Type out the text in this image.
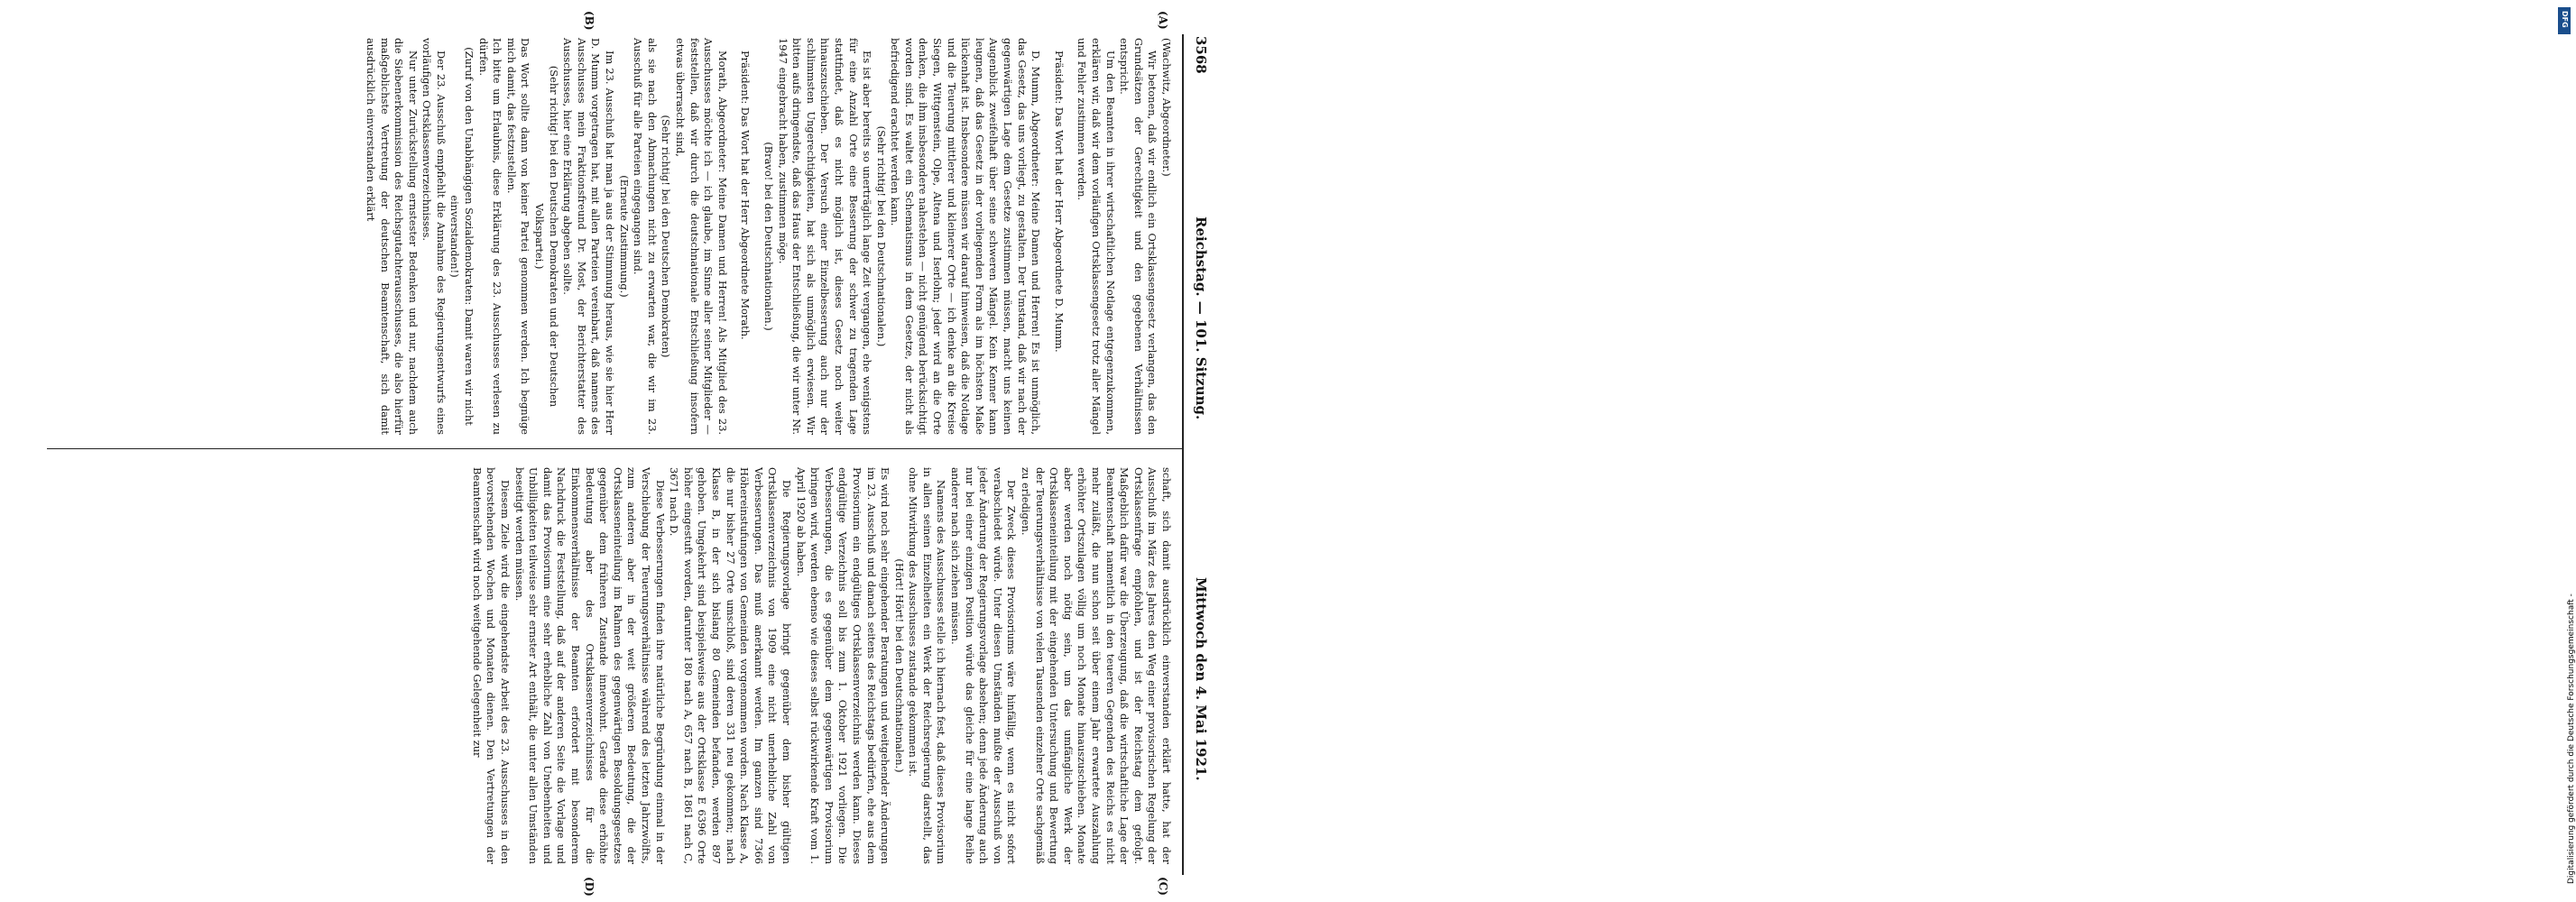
3568
Reichstag. — 101. Sitzung.
Mittwoch den 4. Mai 1921.
(A)
(B)
(C)
(D)

(Wachwitz, Abgeordneter.)

Wir betonen, daß wir endlich ein Ortsklassengesetz verlangen, das den Grundsätzen der Gerechtigkeit und den gegebenen Verhältnissen entspricht.

Um den Beamten in ihrer wirtschaftlichen Notlage entgegenzukommen, erklären wir, daß wir dem vorläufigen Ortsklassengesetz trotz aller Mängel und Fehler zustimmen werden.

Präsident: Das Wort hat der Herr Abgeordnete D. Mumm.

D. Mumm, Abgeordneter: Meine Damen und Herren! Es ist unmöglich, das Gesetz, das uns vorliegt, zu gestalten. Der Umstand, daß wir nach der gegenwärtigen Lage dem Gesetze zustimmen müssen, macht uns keinen Augenblick zweifelhaft über seine schweren Mängel. Kein Kenner kann leugnen, daß das Gesetz in der vorliegenden Form als im höchsten Maße lückenhaft ist. Insbesondere müssen wir darauf hinweisen, daß die Notlage und die Teuerung mittlerer und kleinerer Orte — ich denke an die Kreise Siegen, Wittgenstein, Olpe, Altena und Iserlohn; jeder wird an die Orte denken, die ihm insbesondere nahestehen — nicht genügend berücksichtigt worden sind. Es waltet ein Schematismus in dem Gesetze, der nicht als befriedigend erachtet werden kann.

(Sehr richtig! bei den Deutschnationalen.)

Es ist aber bereits so unerträglich lange Zeit vergangen, ehe wenigstens für eine Anzahl Orte eine Besserung der schwer zu tragenden Lage stattfindet, daß es nicht möglich ist, dieses Gesetz noch weiter hinauszuschieben. Der Versuch einer Einzelbesserung auch nur der schlimmsten Ungerechtigkeiten, hat sich als unmöglich erwiesen. Wir bitten aufs dringendste, daß das Haus der Entschließung, die wir unter Nr. 1947 eingebracht haben, zustimmen möge.

(Bravo! bei den Deutschnationalen.)

Präsident: Das Wort hat der Herr Abgeordnete Morath.

Morath, Abgeordneter: Meine Damen und Herren! Als Mitglied des 23. Ausschusses möchte ich — ich glaube, im Sinne aller seiner Mitglieder — feststellen, daß wir durch die deutschnationale Entschließung insofern etwas überrascht sind,

(Sehr richtig! bei den Deutschen Demokraten)

als sie nach den Abmachungen nicht zu erwarten war, die wir im 23. Ausschuß für alle Parteien eingegangen sind.

(Erneute Zustimmung.)

Im 23. Ausschuß hat man ja aus der Stimmung heraus, wie sie hier Herr D. Mumm vorgetragen hat, mit allen Parteien vereinbart, daß namens des Ausschusses mein Fraktionsfreund Dr. Most, der Berichterstatter des Ausschusses, hier eine Erklärung abgeben sollte.

(Sehr richtig! bei den Deutschen Demokraten und der Deutschen Volkspartei.)

Das Wort sollte dann von keiner Partei genommen werden. Ich begnüge mich damit, das festzustellen.

Ich bitte um Erlaubnis, diese Erklärung des 23. Ausschusses verlesen zu dürfen.

(Zuruf von den Unabhängigen Sozialdemokraten: Damit waren wir nicht einverstanden!)

Der 23. Ausschuß empfiehlt die Annahme des Regierungsentwurfs eines vorläufigen Ortsklassenverzeichnisses.

Nur unter Zurückstellung ernstester Bedenken und nur, nachdem auch die Siebenerkommission des Reichsgutachterausschusses, die also hierfür maßgeblichste Vertretung der deutschen Beamtenschaft, sich damit ausdrücklich einverstanden erklärt

schaft, sich damit ausdrücklich einverstanden erklärt hatte, hat der Ausschuß im März des Jahres den Weg einer provisorischen Regelung der Ortsklassenfrage empfohlen, und ist der Reichstag dem gefolgt. Maßgeblich dafür war die Überzeugung, daß die wirtschaftliche Lage der Beamtenschaft namentlich in den teueren Gegenden des Reichs es nicht mehr zuläßt, die nun schon seit über einem Jahr erwartete Auszahlung erhöhter Ortszulagen völlig um noch Monate hinauszuschieben. Monate aber werden noch nötig sein, um das umfängliche Werk der Ortsklasseneinteilung mit der eingehenden Untersuchung und Bewertung der Teuerungsverhältnisse von vielen Tausenden einzelner Orte sachgemäß zu erledigen.

Der Zweck dieses Provisoriums wäre hinfällig, wenn es nicht sofort verabschiedet würde. Unter diesen Umständen mußte der Ausschuß von jeder Änderung der Regierungsvorlage absehen; denn jede Änderung auch nur bei einer einzigen Position würde das gleiche für eine lange Reihe anderer nach sich ziehen müssen.

Namens des Ausschusses stelle ich hiernach fest, daß dieses Provisorium in allen seinen Einzelheiten ein Werk der Reichsregierung darstellt, das ohne Mitwirkung des Ausschusses zustande gekommen ist.

(Hört! Hört! bei den Deutschnationalen.)

Es wird noch sehr eingehender Beratungen und weitgehender Änderungen im 23. Ausschuß und danach seitens des Reichstags bedürfen, ehe aus dem Provisorium ein endgültiges Ortsklassenverzeichnis werden kann. Dieses endgültige Verzeichnis soll bis zum 1. Oktober 1921 vorliegen. Die Verbesserungen, die es gegenüber dem gegenwärtigen Provisorium bringen wird, werden ebenso wie dieses selbst rückwirkende Kraft vom 1. April 1920 ab haben.

Die Regierungsvorlage bringt gegenüber dem bisher gültigen Ortsklassenverzeichnis von 1909 eine nicht unerhebliche Zahl von Verbesserungen. Das muß anerkannt werden. Im ganzen sind 7366 Höhereinstufungen von Gemeinden vorgenommen worden. Nach Klasse A, die nur bisher 27 Orte umschloß, sind deren 331 neu gekommen; nach Klasse B, in der sich bislang 80 Gemeinden befanden, werden 897 gehoben. Umgekehrt sind beispielsweise aus der Ortsklasse E 6396 Orte höher eingestuft worden, darunter 180 nach A, 657 nach B, 1861 nach C, 3671 nach D.

Diese Verbesserungen finden ihre natürliche Begründung einmal in der Verschiebung der Teuerungsverhältnisse während des letzten Jahrzwölfts, zum anderen aber in der weit größeren Bedeutung, die der Ortsklasseneinteilung im Rahmen des gegenwärtigen Besoldungsgesetzes gegenüber dem früheren Zustande innewohnt. Gerade diese erhöhte Bedeutung aber des Ortsklassenverzeichnisses für die Einkommensverhältnisse der Beamten erfordert mit besonderem Nachdruck die Feststellung, daß auf der anderen Seite die Vorlage und damit das Provisorium eine sehr erhebliche Zahl von Unebenheiten und Unbilligkeiten teilweise sehr ernster Art enthält, die unter allen Umständen beseitigt werden müssen.

Diesem Ziele wird die eingehendste Arbeit des 23. Ausschusses in den bevorstehenden Wochen und Monaten dienen. Den Vertretungen der Beamtenschaft wird noch weitgehende Gelegenheit zur	Digitalisierung gefördert durch die Deutsche Forschungsgemeinschaft -
DFG
